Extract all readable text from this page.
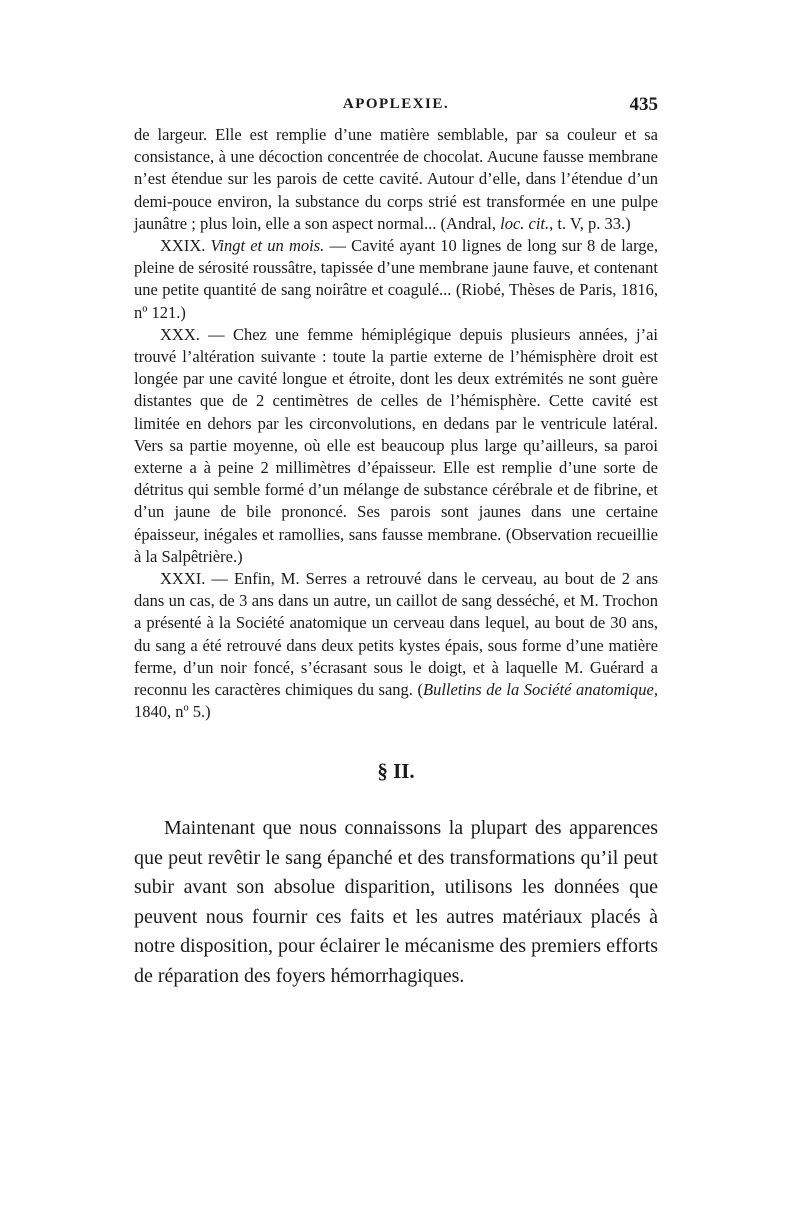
APOPLEXIE.	435

de largeur. Elle est remplie d’une matière semblable, par sa couleur et sa consistance, à une décoction concentrée de chocolat. Aucune fausse membrane n’est étendue sur les parois de cette cavité. Autour d’elle, dans l’étendue d’un demi-pouce environ, la substance du corps strié est transformée en une pulpe jaunâtre ; plus loin, elle a son aspect normal... (Andral, loc. cit., t. V, p. 33.)

XXIX. Vingt et un mois. — Cavité ayant 10 lignes de long sur 8 de large, pleine de sérosité roussâtre, tapissée d’une membrane jaune fauve, et contenant une petite quantité de sang noirâtre et coagulé... (Riobé, Thèses de Paris, 1816, nº 121.)

XXX. — Chez une femme hémiplégique depuis plusieurs années, j’ai trouvé l’altération suivante : toute la partie externe de l’hémisphère droit est longée par une cavité longue et étroite, dont les deux extrémités ne sont guère distantes que de 2 centimètres de celles de l’hémisphère. Cette cavité est limitée en dehors par les circonvolutions, en dedans par le ventricule latéral. Vers sa partie moyenne, où elle est beaucoup plus large qu’ailleurs, sa paroi externe a à peine 2 millimètres d’épaisseur. Elle est remplie d’une sorte de détritus qui semble formé d’un mélange de substance cérébrale et de fibrine, et d’un jaune de bile prononcé. Ses parois sont jaunes dans une certaine épaisseur, inégales et ramollies, sans fausse membrane. (Observation recueillie à la Salpêtrière.)

XXXI. — Enfin, M. Serres a retrouvé dans le cerveau, au bout de 2 ans dans un cas, de 3 ans dans un autre, un caillot de sang desséché, et M. Trochon a présenté à la Société anatomique un cerveau dans lequel, au bout de 30 ans, du sang a été retrouvé dans deux petits kystes épais, sous forme d’une matière ferme, d’un noir foncé, s’écrasant sous le doigt, et à laquelle M. Guérard a reconnu les caractères chimiques du sang. (Bulletins de la Société anatomique, 1840, nº 5.)

§ II.

Maintenant que nous connaissons la plupart des apparences que peut revêtir le sang épanché et des transformations qu’il peut subir avant son absolue disparition, utilisons les données que peuvent nous fournir ces faits et les autres matériaux placés à notre disposition, pour éclairer le mécanisme des premiers efforts de réparation des foyers hémorrhagiques.
